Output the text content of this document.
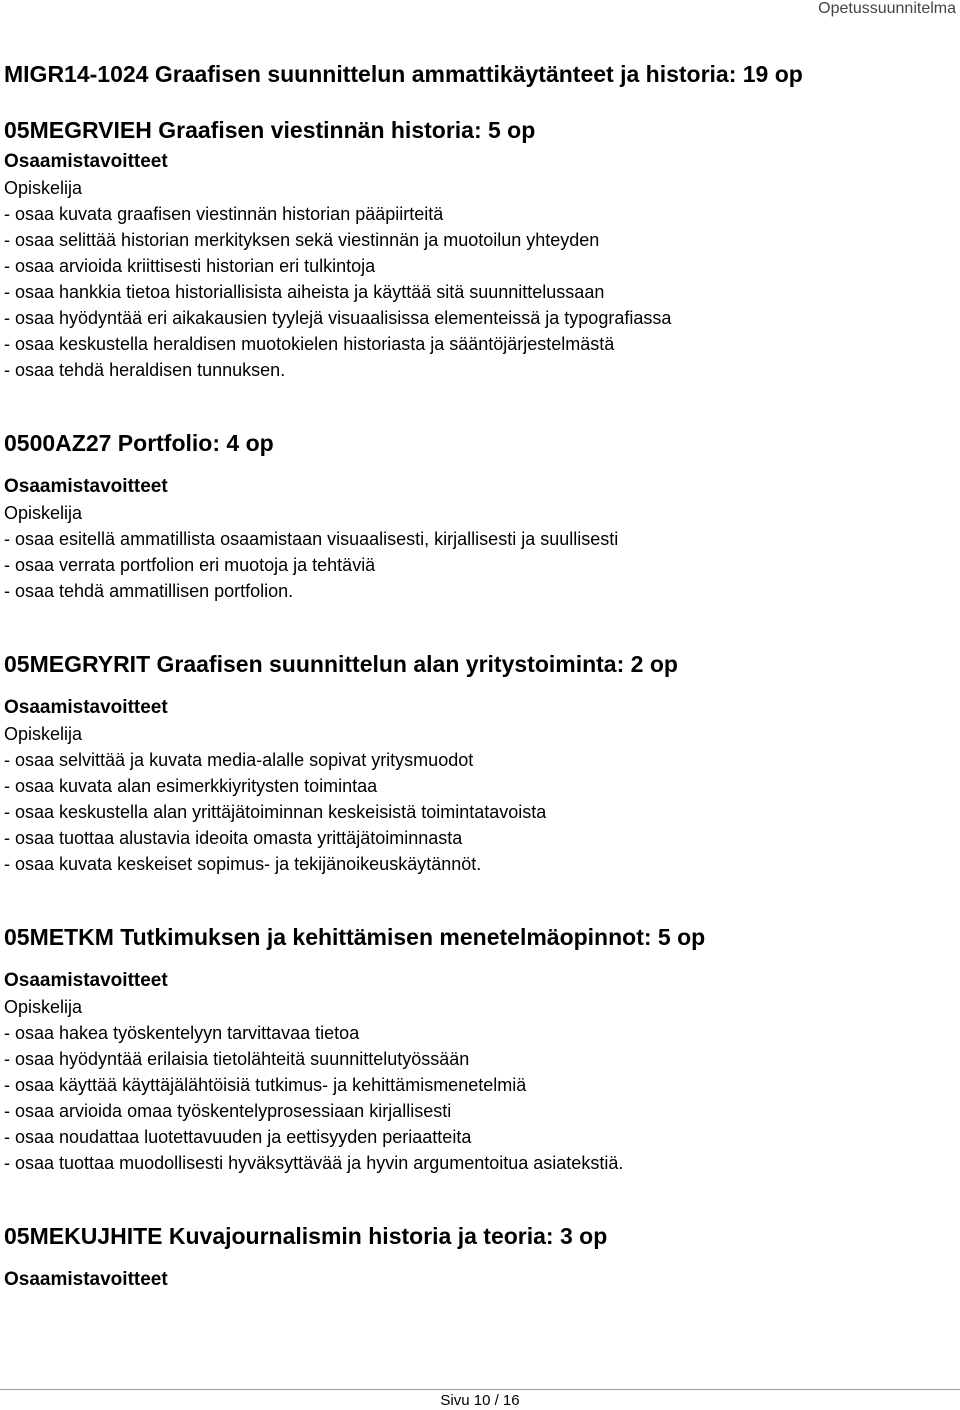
Opetussuunnitelma
MIGR14-1024 Graafisen suunnittelun ammattikäytänteet ja historia: 19 op
05MEGRVIEH Graafisen viestinnän historia: 5 op
Osaamistavoitteet
Opiskelija
- osaa kuvata graafisen viestinnän historian pääpiirteitä
- osaa selittää historian merkityksen sekä viestinnän ja muotoilun yhteyden
- osaa arvioida kriittisesti historian eri tulkintoja
- osaa hankkia tietoa historiallisista aiheista ja käyttää sitä suunnittelussaan
- osaa hyödyntää eri aikakausien tyylejä visuaalisissa elementeissä ja typografiassa
- osaa keskustella heraldisen muotokielen historiasta ja sääntöjärjestelmästä
- osaa tehdä heraldisen tunnuksen.
0500AZ27 Portfolio: 4 op
Osaamistavoitteet
Opiskelija
- osaa esitellä ammatillista osaamistaan visuaalisesti, kirjallisesti ja suullisesti
- osaa verrata portfolion eri muotoja ja tehtäviä
- osaa tehdä ammatillisen portfolion.
05MEGRYRIT Graafisen suunnittelun alan yritystoiminta: 2 op
Osaamistavoitteet
Opiskelija
- osaa selvittää ja kuvata media-alalle sopivat yritysmuodot
- osaa kuvata alan esimerkkiyritysten toimintaa
- osaa keskustella alan yrittäjätoiminnan keskeisistä toimintatavoista
- osaa tuottaa alustavia ideoita omasta yrittäjätoiminnasta
- osaa kuvata keskeiset sopimus- ja tekijänoikeuskäytännöt.
05METKM Tutkimuksen ja kehittämisen menetelmäopinnot: 5 op
Osaamistavoitteet
Opiskelija
- osaa hakea työskentelyyn tarvittavaa tietoa
- osaa hyödyntää erilaisia tietolähteitä suunnittelutyössään
- osaa käyttää käyttäjälähtöisiä tutkimus- ja kehittämismenetelmiä
- osaa arvioida omaa työskentelyprosessiaan kirjallisesti
- osaa noudattaa luotettavuuden ja eettisyyden periaatteita
- osaa tuottaa muodollisesti hyväksyttävää ja hyvin argumentoitua asiatekstiä.
05MEKUJHITE Kuvajournalismin historia ja teoria: 3 op
Osaamistavoitteet
Sivu 10 / 16
